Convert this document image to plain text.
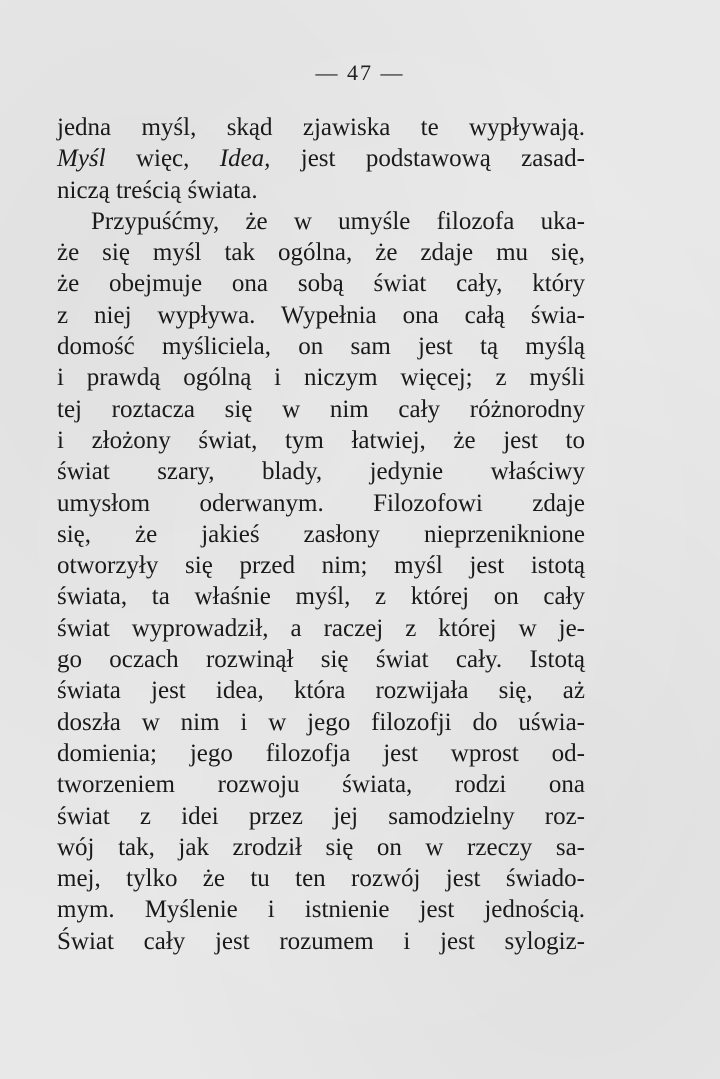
— 47 —
jedna myśl, skąd zjawiska te wypływają.
Myśl więc, Idea, jest podstawową zasad-
niczą treścią świata.
Przypuśćmy, że w umyśle filozofa uka-
że się myśl tak ogólna, że zdaje mu się,
że obejmuje ona sobą świat cały, który
z niej wypływa. Wypełnia ona całą świa-
domość myśliciela, on sam jest tą myślą
i prawdą ogólną i niczym więcej; z myśli
tej roztacza się w nim cały różnorodny
i złożony świat, tym łatwiej, że jest to
świat szary, blady, jedynie właściwy
umysłom oderwanym. Filozofowi zdaje
się, że jakieś zasłony nieprzeniknione
otworzyły się przed nim; myśl jest istotą
świata, ta właśnie myśl, z której on cały
świat wyprowadził, a raczej z której w je-
go oczach rozwinął się świat cały. Istotą
świata jest idea, która rozwijała się, aż
doszła w nim i w jego filozofji do uświa-
domienia; jego filozofja jest wprost od-
tworzeniem rozwoju świata, rodzi ona
świat z idei przez jej samodzielny roz-
wój tak, jak zrodził się on w rzeczy sa-
mej, tylko że tu ten rozwój jest świado-
mym. Myślenie i istnienie jest jednością.
Świat cały jest rozumem i jest sylogiz-
